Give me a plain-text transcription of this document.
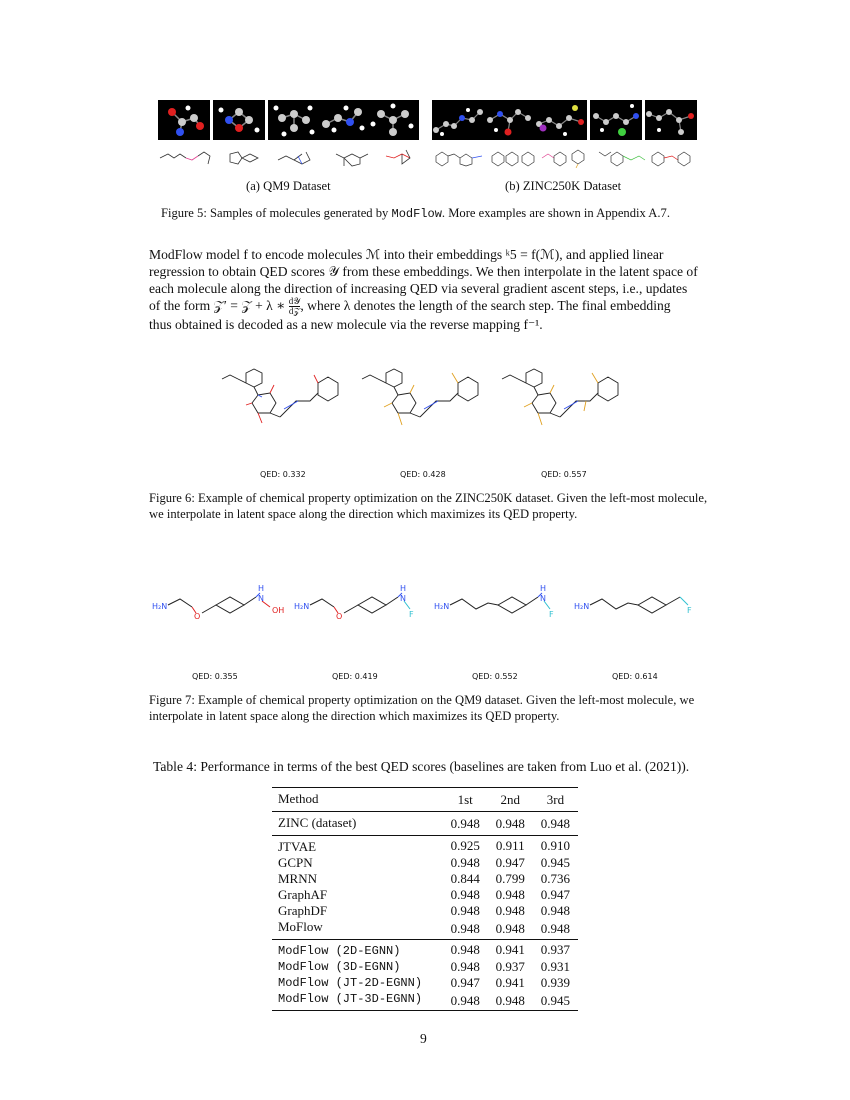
(a) QM9 Dataset	(b) ZINC250K Dataset
Figure 5: Samples of molecules generated by ModFlow. More examples are shown in Appendix A.7.
ModFlow model f to encode molecules ℳ into their embeddings ᵏ5 = f(ℳ), and applied linear
regression to obtain QED scores 𝒴 from these embeddings. We then interpolate in the latent space of
each molecule along the direction of increasing QED via several gradient ascent steps, i.e., updates
of the form 𝒵′ = 𝒵 + λ ∗ d𝒴
d𝒵 , where λ denotes the length of the search step. The final embedding
thus obtained is decoded as a new molecule via the reverse mapping f⁻¹.
QED: 0.332	QED: 0.428	QED: 0.557
Figure 6: Example of chemical property optimization on the ZINC250K dataset. Given the left-most molecule,
we interpolate in latent space along the direction which maximizes its QED property.
H₂N
O
H
N
OH H₂N
O
H
N
F
H₂N
H
N
F
H₂N	F
QED: 0.355	QED: 0.419	QED: 0.552	QED: 0.614
Figure 7: Example of chemical property optimization on the QM9 dataset. Given the left-most molecule, we
interpolate in latent space along the direction which maximizes its QED property.
Table 4: Performance in terms of the best QED scores (baselines are taken from Luo et al. (2021)).
Method	1st	2nd	3rd
ZINC (dataset)	0.948	0.948	0.948
JTVAE	0.925	0.911	0.910
GCPN	0.948	0.947	0.945
MRNN	0.844	0.799	0.736
GraphAF	0.948	0.948	0.947
GraphDF	0.948	0.948	0.948
MoFlow	0.948	0.948	0.948
ModFlow (2D-EGNN)	0.948	0.941	0.937
ModFlow (3D-EGNN)	0.948	0.937	0.931
ModFlow (JT-2D-EGNN)	0.947	0.941	0.939
ModFlow (JT-3D-EGNN)	0.948	0.948	0.945
9
